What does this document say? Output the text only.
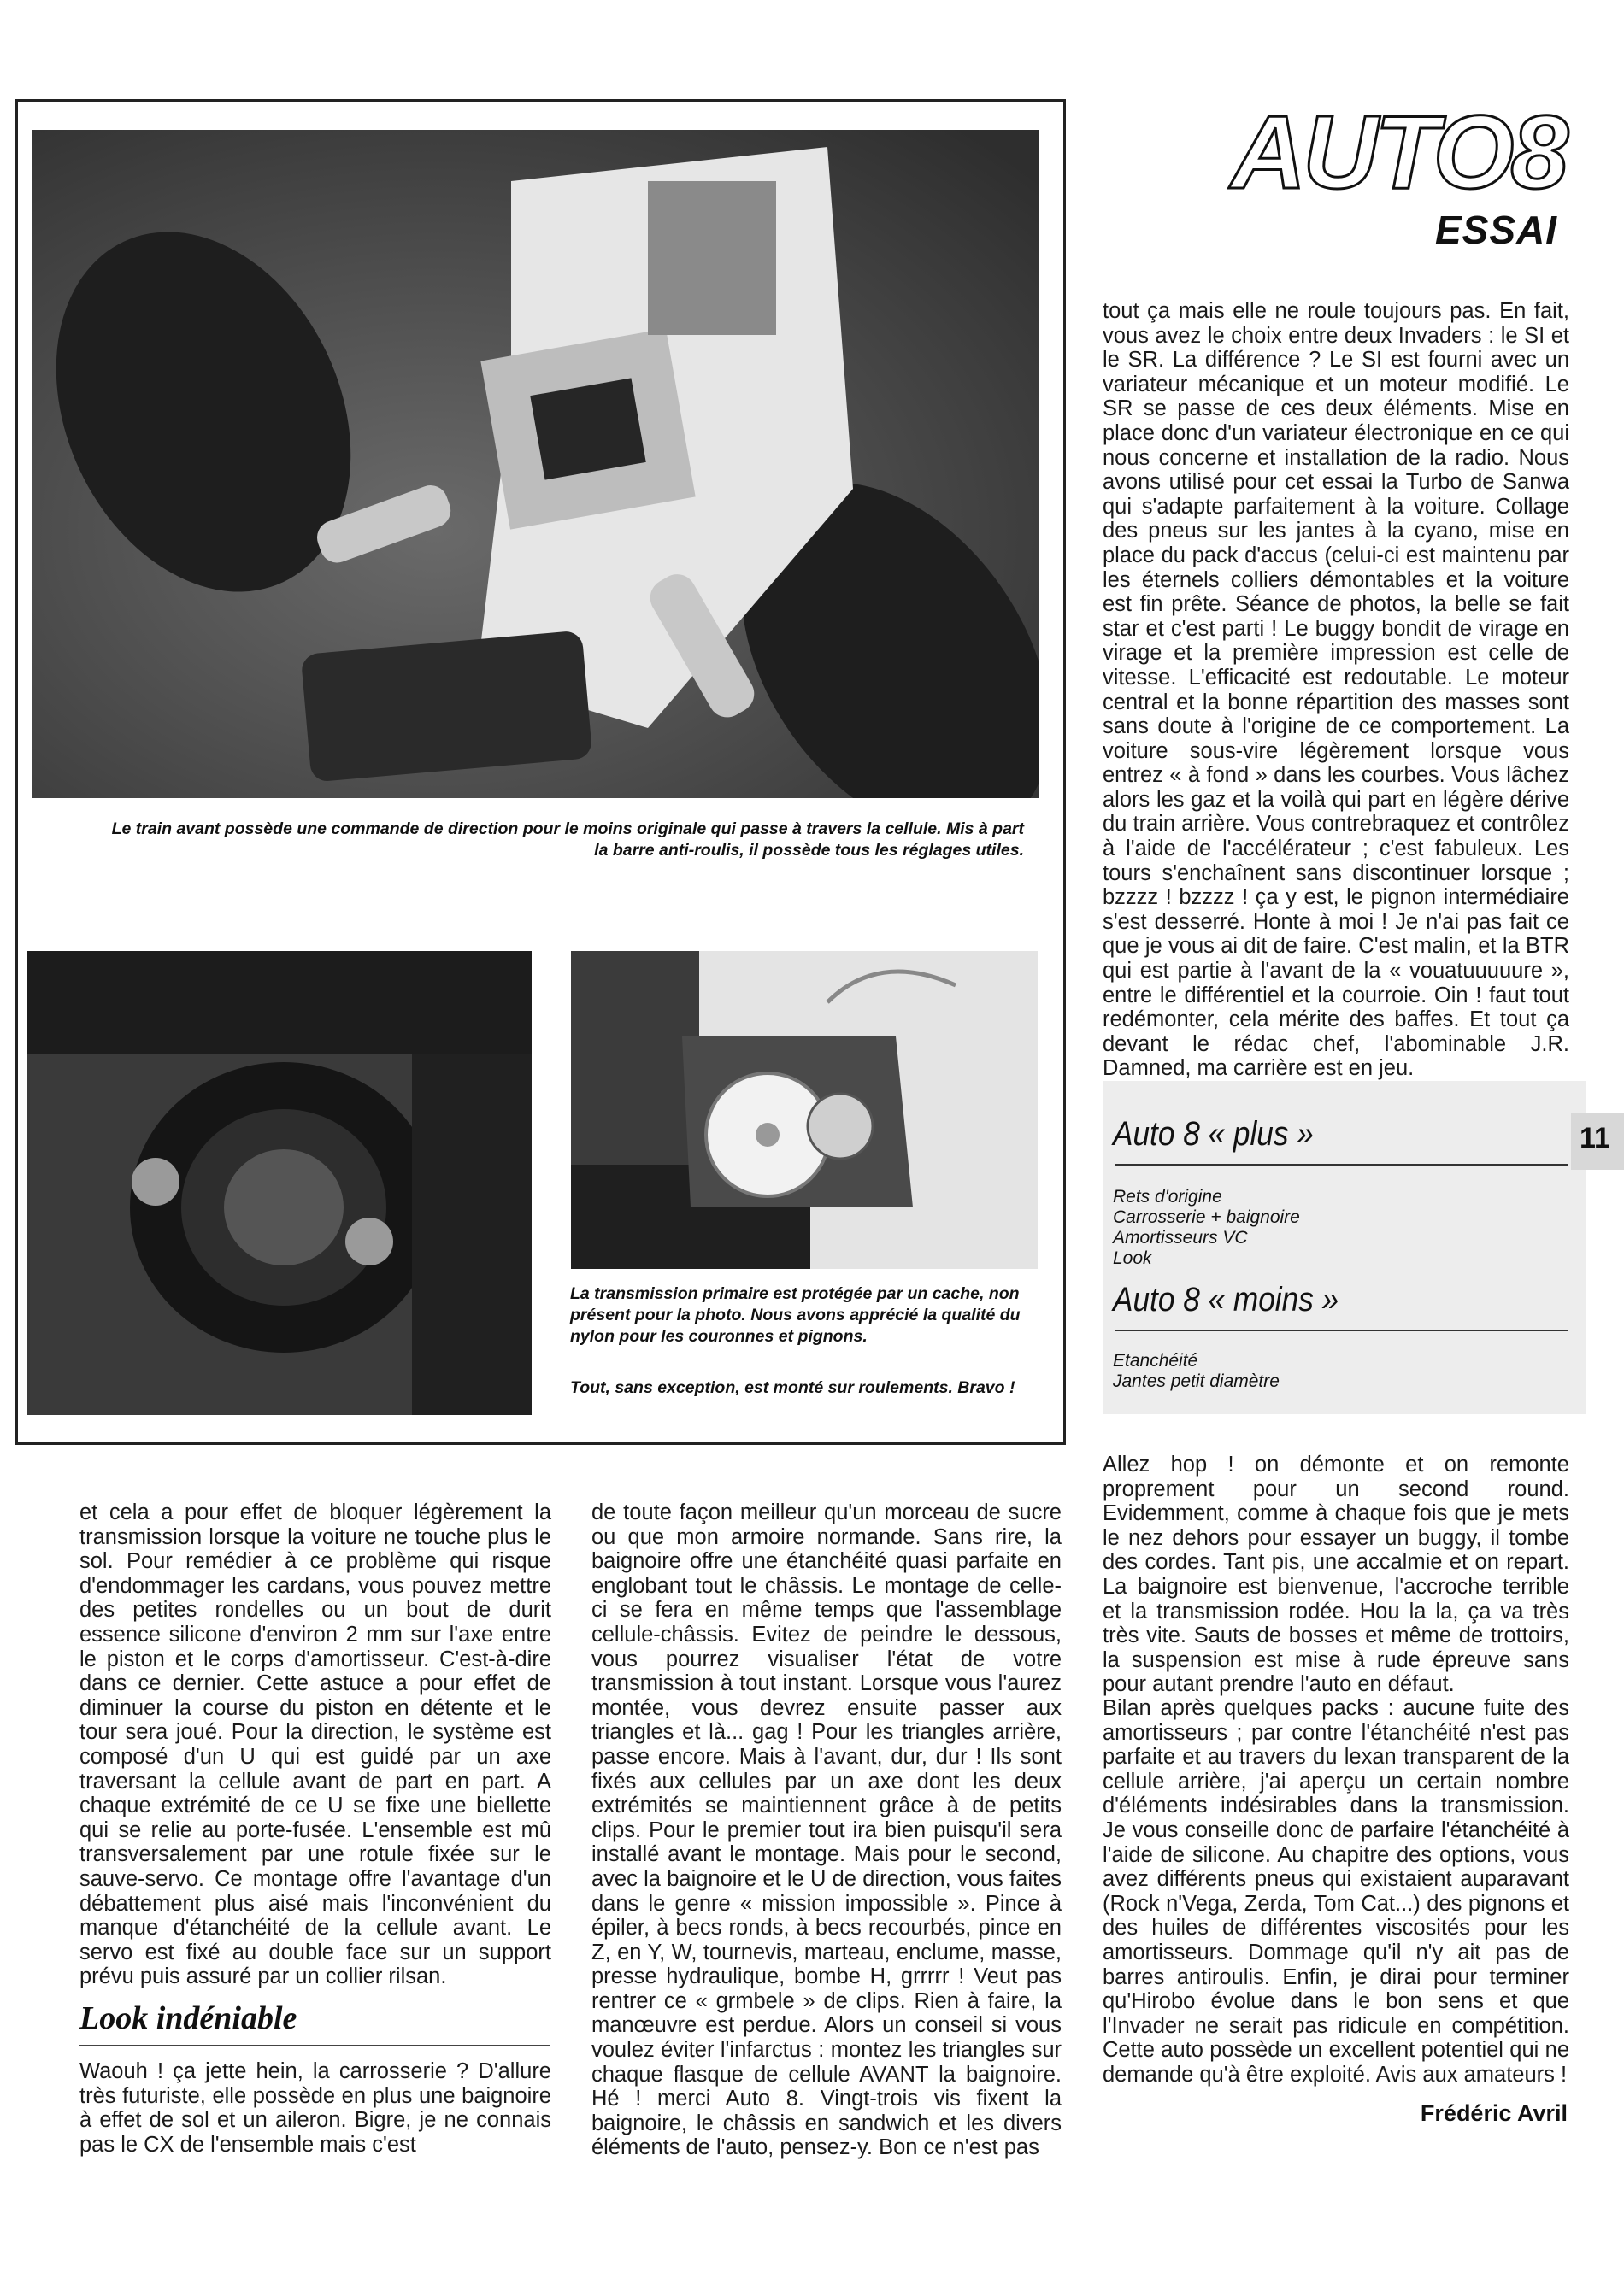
Le train avant possède une commande de direction pour le moins originale qui passe à travers la cellule. Mis à part la barre anti-roulis, il possède tous les réglages utiles.
La transmission primaire est protégée par un cache, non présent pour la photo. Nous avons apprécié la qualité du nylon pour les couronnes et pignons.
Tout, sans exception, est monté sur roulements. Bravo !
AUTO8
ESSAI
tout ça mais elle ne roule toujours pas. En fait, vous avez le choix entre deux Invaders : le SI et le SR. La différence ? Le SI est fourni avec un variateur mécanique et un moteur modifié. Le SR se passe de ces deux éléments. Mise en place donc d'un variateur électronique en ce qui nous concerne et installation de la radio. Nous avons utilisé pour cet essai la Turbo de Sanwa qui s'adapte parfaitement à la voiture. Collage des pneus sur les jantes à la cyano, mise en place du pack d'accus (celui-ci est maintenu par les éternels colliers démontables et la voiture est fin prête. Séance de photos, la belle se fait star et c'est parti ! Le buggy bondit de virage en virage et la première impression est celle de vitesse. L'efficacité est redoutable. Le moteur central et la bonne répartition des masses sont sans doute à l'origine de ce comportement. La voiture sous-vire légèrement lorsque vous entrez « à fond » dans les courbes. Vous lâchez alors les gaz et la voilà qui part en légère dérive du train arrière. Vous contrebraquez et contrôlez à l'aide de l'accélérateur ; c'est fabuleux. Les tours s'enchaînent sans discontinuer lorsque ; bzzzz ! bzzzz ! ça y est, le pignon intermédiaire s'est desserré. Honte à moi ! Je n'ai pas fait ce que je vous ai dit de faire. C'est malin, et la BTR qui est partie à l'avant de la « vouatuuuuure », entre le différentiel et la courroie. Oin ! faut tout redémonter, cela mérite des baffes. Et tout ça devant le rédac chef, l'abominable J.R. Damned, ma carrière est en jeu.
Auto 8 « plus »
Rets d'origine
Carrosserie + baignoire
Amortisseurs VC
Look
Auto 8 « moins »
Etanchéité
Jantes petit diamètre
11
et cela a pour effet de bloquer légèrement la transmission lorsque la voiture ne touche plus le sol. Pour remédier à ce problème qui risque d'endommager les cardans, vous pouvez mettre des petites rondelles ou un bout de durit essence silicone d'environ 2 mm sur l'axe entre le piston et le corps d'amortisseur. C'est-à-dire dans ce dernier. Cette astuce a pour effet de diminuer la course du piston en détente et le tour sera joué. Pour la direction, le système est composé d'un U qui est guidé par un axe traversant la cellule avant de part en part. A chaque extrémité de ce U se fixe une biellette qui se relie au porte-fusée. L'ensemble est mû transversalement par une rotule fixée sur le sauve-servo. Ce montage offre l'avantage d'un débattement plus aisé mais l'inconvénient du manque d'étanchéité de la cellule avant. Le servo est fixé au double face sur un support prévu puis assuré par un collier rilsan.
Look indéniable
Waouh ! ça jette hein, la carrosserie ? D'allure très futuriste, elle possède en plus une baignoire à effet de sol et un aileron. Bigre, je ne connais pas le CX de l'ensemble mais c'est
de toute façon meilleur qu'un morceau de sucre ou que mon armoire normande. Sans rire, la baignoire offre une étanchéité quasi parfaite en englobant tout le châssis. Le montage de celle-ci se fera en même temps que l'assemblage cellule-châssis. Evitez de peindre le dessous, vous pourrez visualiser l'état de votre transmission à tout instant. Lorsque vous l'aurez montée, vous devrez ensuite passer aux triangles et là... gag ! Pour les triangles arrière, passe encore. Mais à l'avant, dur, dur ! Ils sont fixés aux cellules par un axe dont les deux extrémités se maintiennent grâce à de petits clips. Pour le premier tout ira bien puisqu'il sera installé avant le montage. Mais pour le second, avec la baignoire et le U de direction, vous faites dans le genre « mission impossible ». Pince à épiler, à becs ronds, à becs recourbés, pince en Z, en Y, W, tournevis, marteau, enclume, masse, presse hydraulique, bombe H, grrrrr ! Veut pas rentrer ce « grmbele » de clips. Rien à faire, la manœuvre est perdue. Alors un conseil si vous voulez éviter l'infarctus : montez les triangles sur chaque flasque de cellule AVANT la baignoire. Hé ! merci Auto 8. Vingt-trois vis fixent la baignoire, le châssis en sandwich et les divers éléments de l'auto, pensez-y. Bon ce n'est pas
Allez hop ! on démonte et on remonte proprement pour un second round. Evidemment, comme à chaque fois que je mets le nez dehors pour essayer un buggy, il tombe des cordes. Tant pis, une accalmie et on repart. La baignoire est bienvenue, l'accroche terrible et la transmission rodée. Hou la la, ça va très très vite. Sauts de bosses et même de trottoirs, la suspension est mise à rude épreuve sans pour autant prendre l'auto en défaut.
Bilan après quelques packs : aucune fuite des amortisseurs ; par contre l'étanchéité n'est pas parfaite et au travers du lexan transparent de la cellule arrière, j'ai aperçu un certain nombre d'éléments indésirables dans la transmission. Je vous conseille donc de parfaire l'étanchéité à l'aide de silicone. Au chapitre des options, vous avez différents pneus qui existaient auparavant (Rock n'Vega, Zerda, Tom Cat...) des pignons et des huiles de différentes viscosités pour les amortisseurs. Dommage qu'il n'y ait pas de barres antiroulis. Enfin, je dirai pour terminer qu'Hirobo évolue dans le bon sens et que l'Invader ne serait pas ridicule en compétition. Cette auto possède un excellent potentiel qui ne demande qu'à être exploité. Avis aux amateurs !
Frédéric Avril
